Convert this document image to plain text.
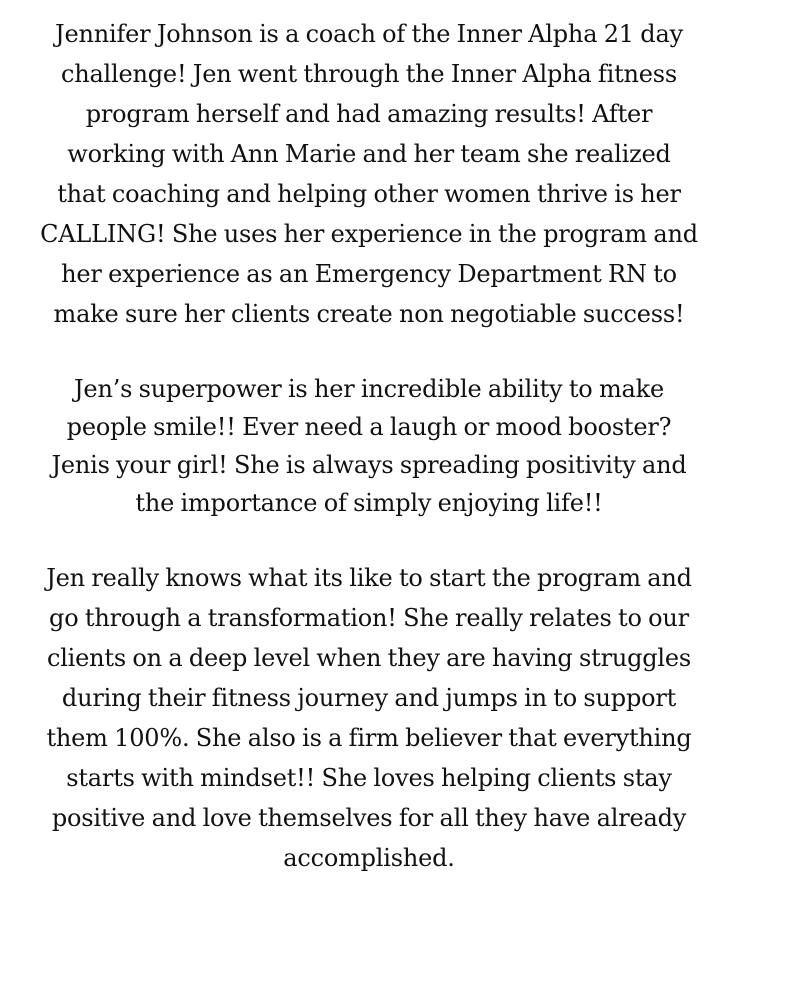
Jennifer Johnson is a coach of the Inner Alpha 21 day challenge! Jen went through the Inner Alpha fitness program herself and had amazing results! After working with Ann Marie and her team she realized that coaching and helping other women thrive is her CALLING! She uses her experience in the program and her experience as an Emergency Department RN to make sure her clients create non negotiable success!

Jen’s superpower is her incredible ability to make people smile!! Ever need a laugh or mood booster? Jenis your girl! She is always spreading positivity and the importance of simply enjoying life!!

Jen really knows what its like to start the program and go through a transformation! She really relates to our clients on a deep level when they are having struggles during their fitness journey and jumps in to support them 100%. She also is a firm believer that everything starts with mindset!! She loves helping clients stay positive and love themselves for all they have already accomplished.
